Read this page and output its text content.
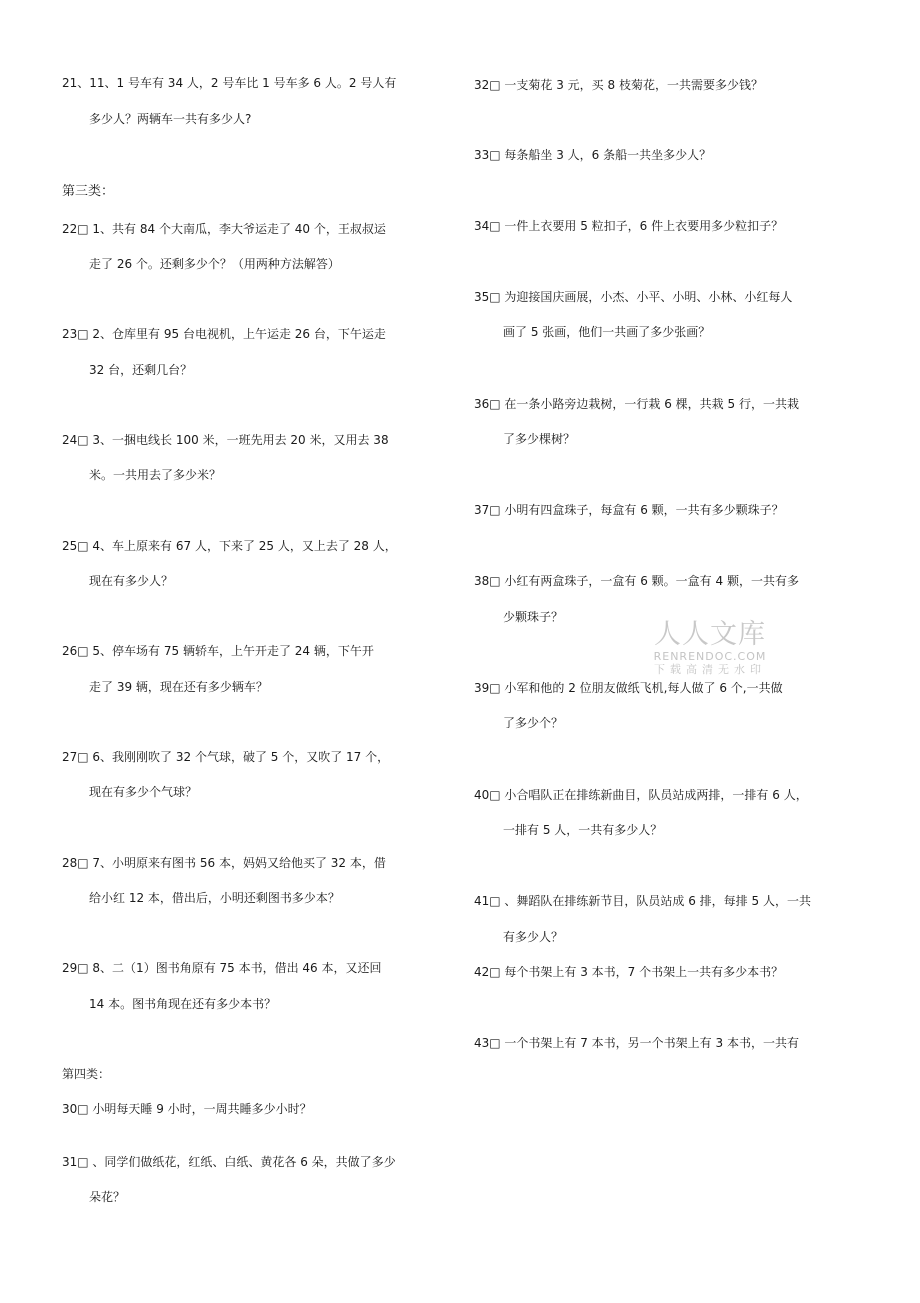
21、11、1 号车有 34 人，2 号车比 1 号车多 6 人。2 号人有
多少人？两辆车一共有多少人?
第三类：
22□ 1、共有 84 个大南瓜，李大爷运走了 40 个，王叔叔运
走了 26 个。还剩多少个？（用两种方法解答）
23□ 2、仓库里有 95 台电视机，上午运走 26 台，下午运走
32 台，还剩几台？
24□ 3、一捆电线长 100 米，一班先用去 20 米，又用去 38
米。一共用去了多少米？
25□ 4、车上原来有 67 人，下来了 25 人，又上去了 28 人，
现在有多少人？
26□ 5、停车场有 75 辆轿车，上午开走了 24 辆，下午开
走了 39 辆，现在还有多少辆车？
27□ 6、我刚刚吹了 32 个气球，破了 5 个，又吹了 17 个，
现在有多少个气球？
28□ 7、小明原来有图书 56 本，妈妈又给他买了 32 本，借
给小红 12 本，借出后，小明还剩图书多少本？
29□ 8、二（1）图书角原有 75 本书，借出 46 本，又还回
14 本。图书角现在还有多少本书？
第四类：
30□ 小明每天睡 9 小时，一周共睡多少小时？
31□ 、同学们做纸花，红纸、白纸、黄花各 6 朵，共做了多少
朵花？
32□ 一支菊花 3 元，买 8 枝菊花，一共需要多少钱？
33□ 每条船坐 3 人，6 条船一共坐多少人？
34□ 一件上衣要用 5 粒扣子，6 件上衣要用多少粒扣子？
35□ 为迎接国庆画展，小杰、小平、小明、小林、小红每人
画了 5 张画，他们一共画了多少张画？
36□ 在一条小路旁边栽树，一行栽 6 棵，共栽 5 行，一共栽
了多少棵树？
37□ 小明有四盒珠子，每盒有 6 颗，一共有多少颗珠子？
38□ 小红有两盒珠子，一盒有 6 颗。一盒有 4 颗，一共有多
少颗珠子？
39□ 小军和他的 2 位朋友做纸飞机,每人做了 6 个,一共做
了多少个？
40□ 小合唱队正在排练新曲目，队员站成两排，一排有 6 人，
一排有 5 人，一共有多少人？
41□ 、舞蹈队在排练新节目，队员站成 6 排，每排 5 人，一共
有多少人？
42□ 每个书架上有 3 本书，7 个书架上一共有多少本书？
43□ 一个书架上有 7 本书，另一个书架上有 3 本书，一共有
人人文库
RENRENDOC.COM
下载高清无水印
